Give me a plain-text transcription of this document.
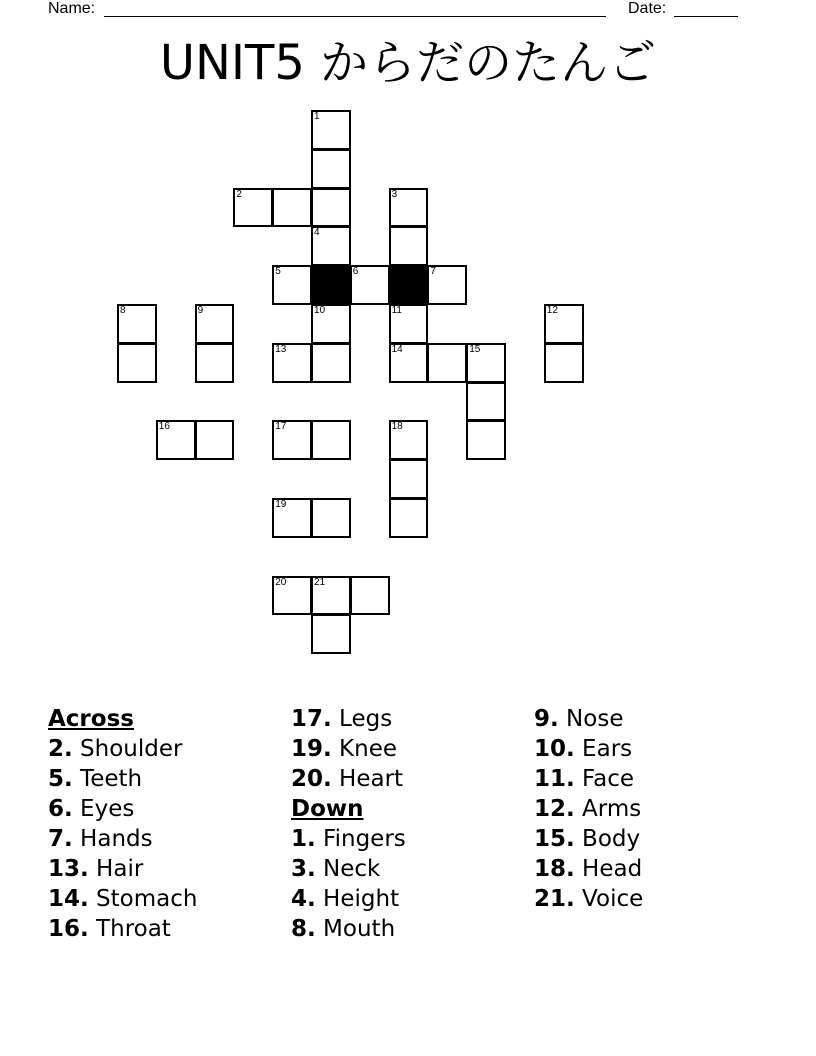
Name:	Date:
UNIT5 からだのたんご
1
2	3
4
5	6	7
8	9	10	11	12
13	14	15
16	17	18
19
20	21
Across
2. Shoulder
5. Teeth
6. Eyes
7. Hands
13. Hair
14. Stomach
16. Throat
17. Legs
19. Knee
20. Heart
Down
1. Fingers
3. Neck
4. Height
8. Mouth
9. Nose
10. Ears
11. Face
12. Arms
15. Body
18. Head
21. Voice
